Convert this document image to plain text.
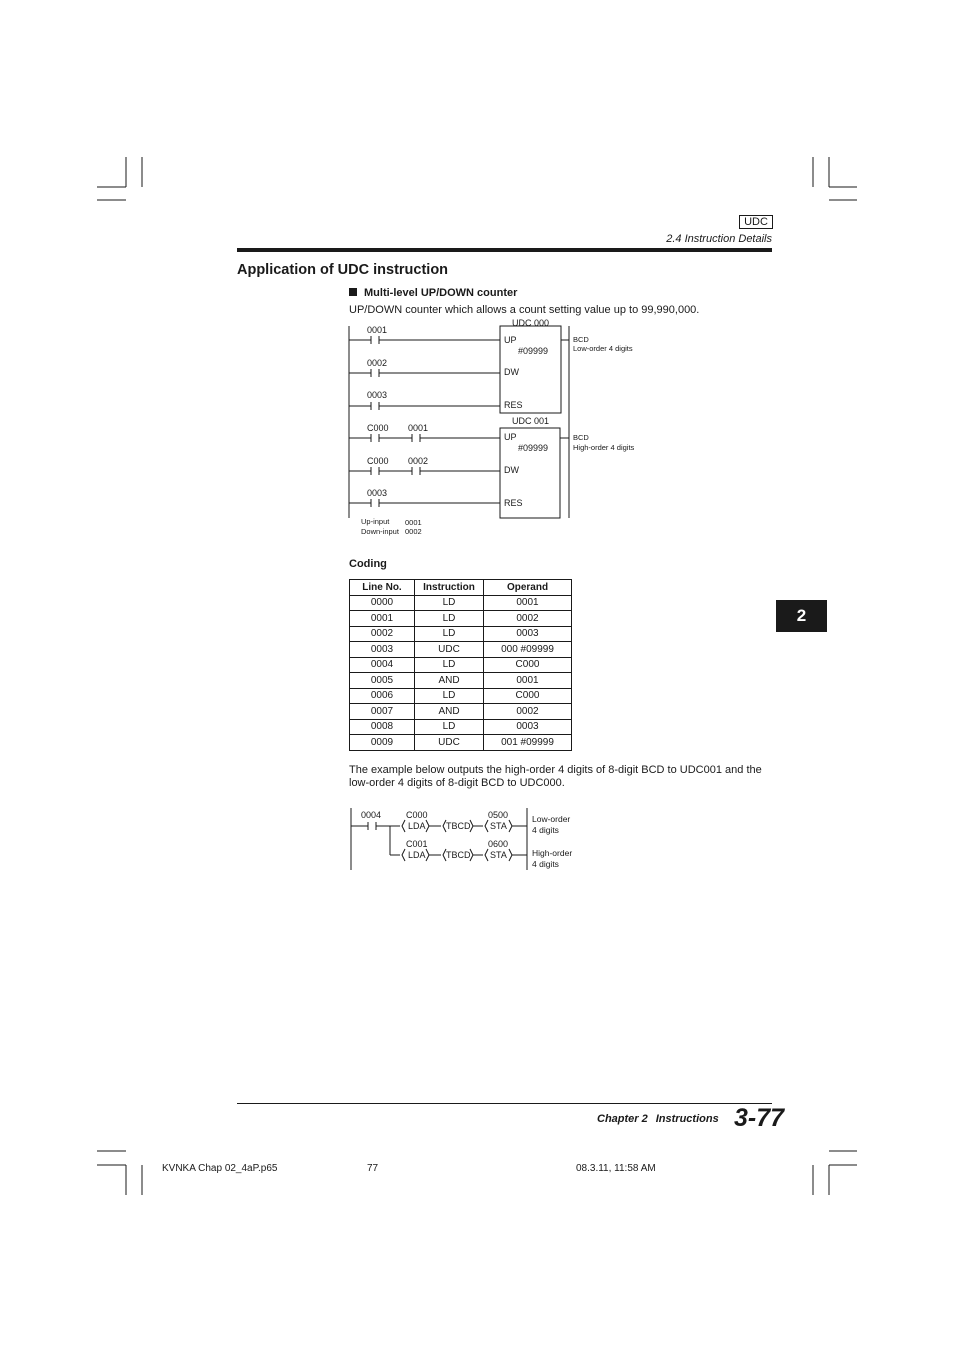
UDC
2.4 Instruction Details
Application of UDC instruction
Multi-level UP/DOWN counter
UP/DOWN counter which allows a count setting value up to 99,990,000.
0001
0002
0003
C000 0001
C000 0002
0003
UDC 000
UP
#09999
DW
RES
BCD
Low-order 4 digits
UDC 001
UP
#09999
DW
RES
BCD
High-order 4 digits
Up-input 0001
Down-input 0002
Coding
Line No.	Instruction	Operand
0000	LD	0001
0001	LD	0002
0002	LD	0003
0003	UDC	000 #09999
0004	LD	C000
0005	AND	0001
0006	LD	C000
0007	AND	0002
0008	LD	0003
0009	UDC	001 #09999
The example below outputs the high-order 4 digits of 8-digit BCD to UDC001 and the low-order 4 digits of 8-digit BCD to UDC000.
0004	C000
LDA TBCD
0500
STA
Low-order
4 digits
C001
LDA TBCD
0600
STA	High-order
4 digits
2
Chapter 2 Instructions 3-77
KVNKA Chap 02_4aP.p65	77	08.3.11, 11:58 AM
